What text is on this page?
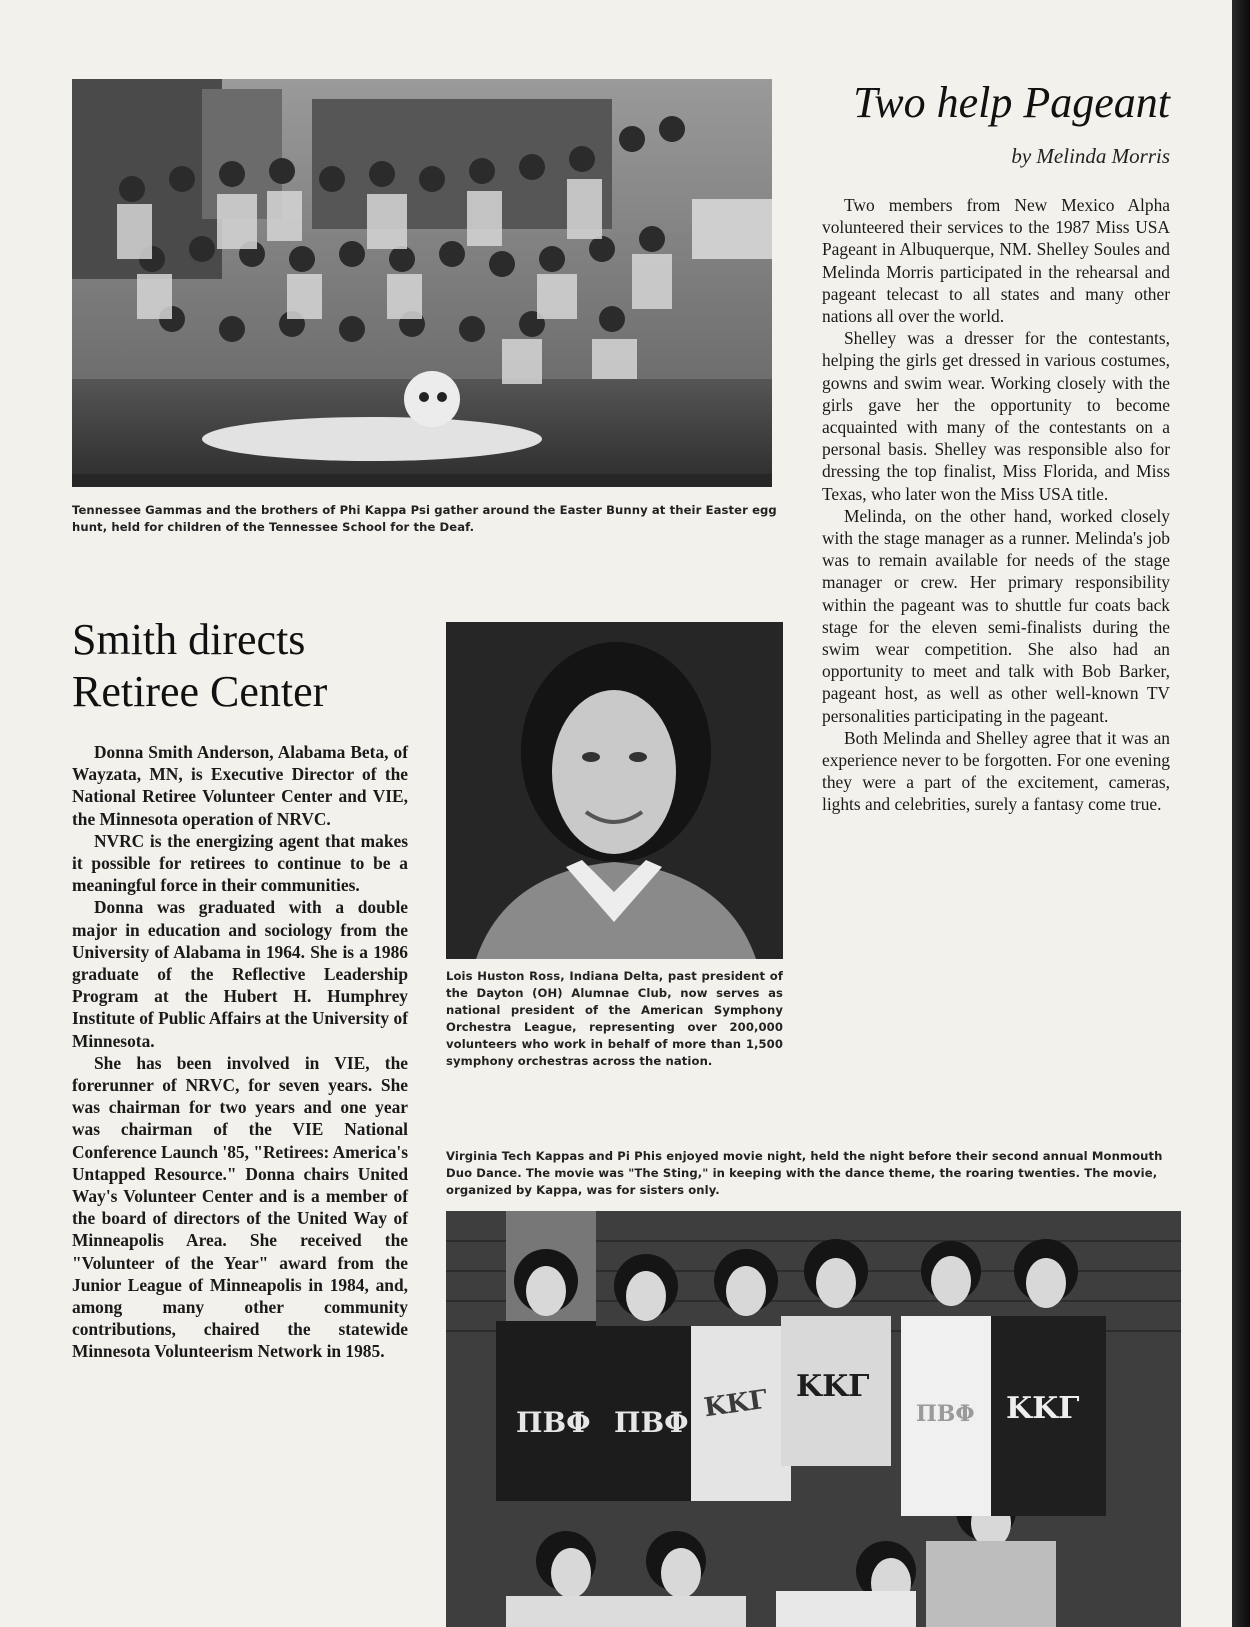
Tennessee Gammas and the brothers of Phi Kappa Psi gather around the Easter Bunny at their Easter egg hunt, held for children of the Tennessee School for the Deaf.
Smith directs Retiree Center

Donna Smith Anderson, Alabama Beta, of Wayzata, MN, is Executive Director of the National Retiree Volunteer Center and VIE, the Minnesota operation of NRVC.

NVRC is the energizing agent that makes it possible for retirees to continue to be a meaningful force in their communities.

Donna was graduated with a double major in education and sociology from the University of Alabama in 1964. She is a 1986 graduate of the Reflective Leadership Program at the Hubert H. Humphrey Institute of Public Affairs at the University of Minnesota.

She has been involved in VIE, the forerunner of NRVC, for seven years. She was chairman for two years and one year was chairman of the VIE National Conference Launch '85, "Retirees: America's Untapped Resource." Donna chairs United Way's Volunteer Center and is a member of the board of directors of the United Way of Minneapolis Area. She received the "Volunteer of the Year" award from the Junior League of Minneapolis in 1984, and, among many other community contributions, chaired the statewide Minnesota Volunteerism Network in 1985.

Lois Huston Ross, Indiana Delta, past president of the Dayton (OH) Alumnae Club, now serves as national president of the American Symphony Orchestra League, representing over 200,000 volunteers who work in behalf of more than 1,500 symphony orchestras across the nation.
Two help Pageant
by Melinda Morris

Two members from New Mexico Alpha volunteered their services to the 1987 Miss USA Pageant in Albuquerque, NM. Shelley Soules and Melinda Morris participated in the rehearsal and pageant telecast to all states and many other nations all over the world.

Shelley was a dresser for the contestants, helping the girls get dressed in various costumes, gowns and swim wear. Working closely with the girls gave her the opportunity to become acquainted with many of the contestants on a personal basis. Shelley was responsible also for dressing the top finalist, Miss Florida, and Miss Texas, who later won the Miss USA title.

Melinda, on the other hand, worked closely with the stage manager as a runner. Melinda's job was to remain available for needs of the stage manager or crew. Her primary responsibility within the pageant was to shuttle fur coats back stage for the eleven semi-finalists during the swim wear competition. She also had an opportunity to meet and talk with Bob Barker, pageant host, as well as other well-known TV personalities participating in the pageant.

Both Melinda and Shelley agree that it was an experience never to be forgotten. For one evening they were a part of the excitement, cameras, lights and celebrities, surely a fantasy come true.

Virginia Tech Kappas and Pi Phis enjoyed movie night, held the night before their second annual Monmouth Duo Dance. The movie was "The Sting," in keeping with the dance theme, the roaring twenties. The movie, organized by Kappa, was for sisters only.
ΠΒΦ ΠΒΦ ΚΚΓ ΚΚΓ
ΠΒΦ ΚΚΓ
